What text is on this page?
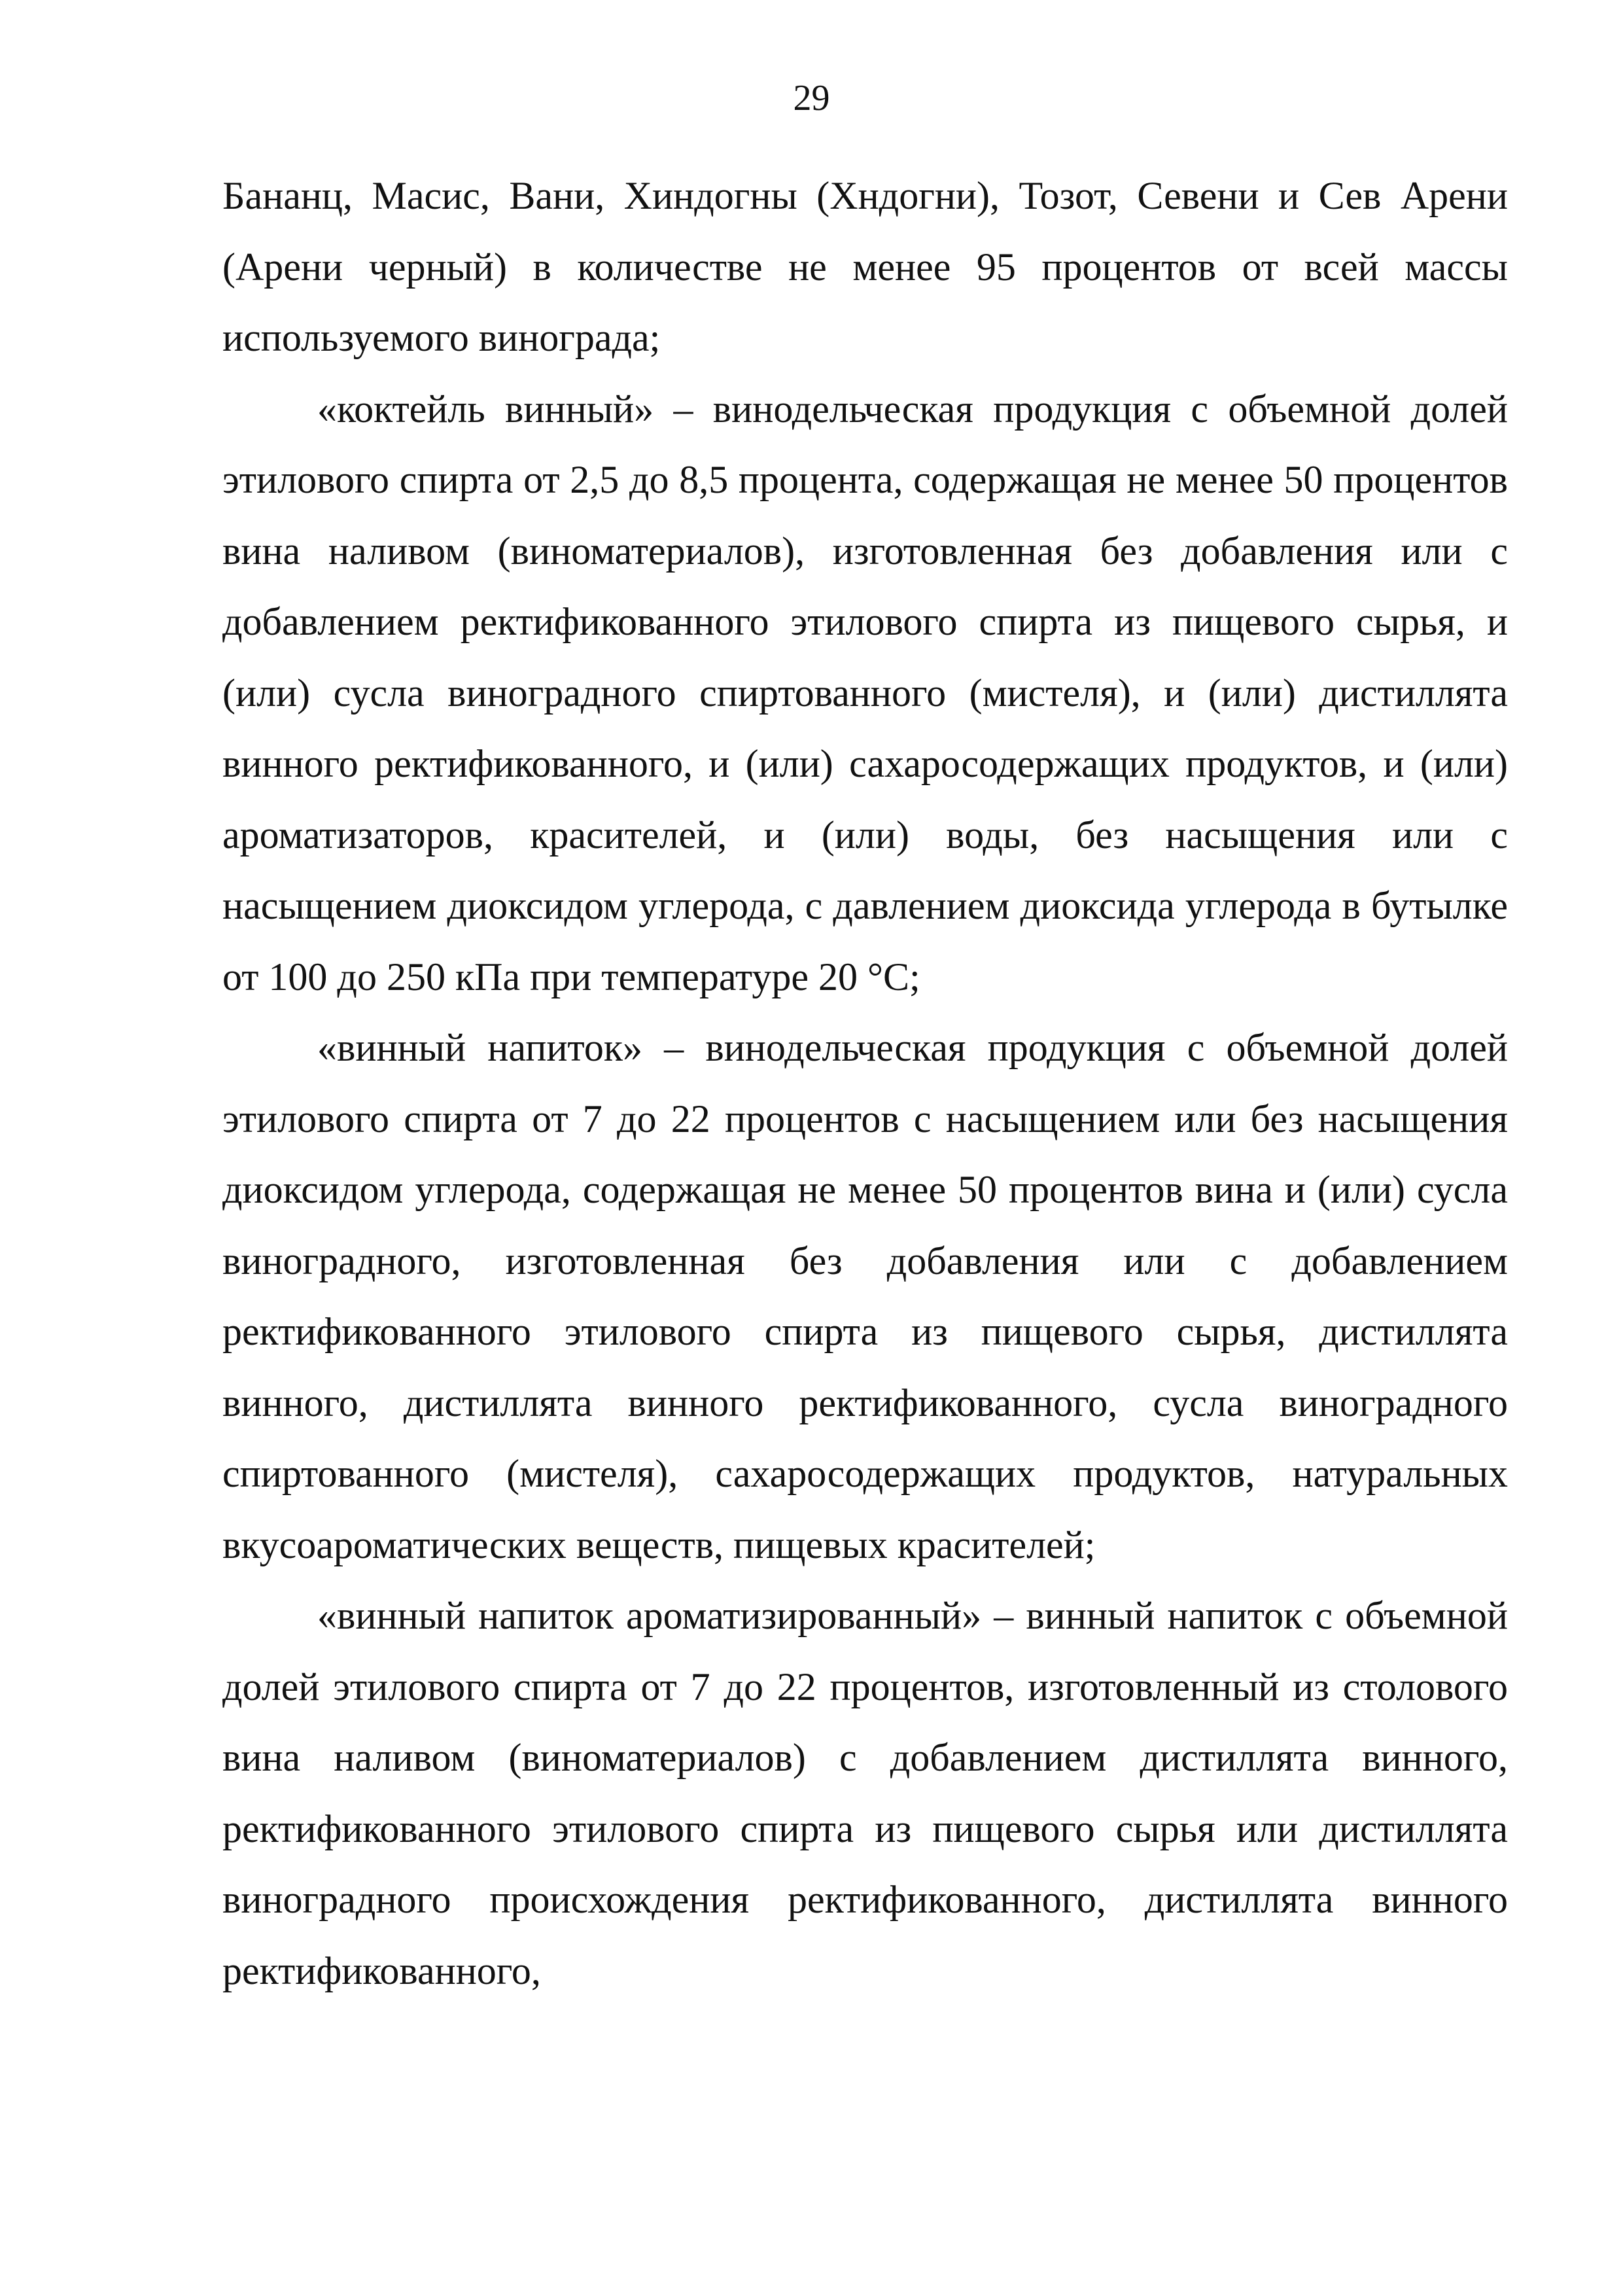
29

Бананц, Масис, Вани, Хиндогны (Хндогни), Тозот, Севени и Сев Арени (Арени черный) в количестве не менее 95 процентов от всей массы используемого винограда;

«коктейль винный» – винодельческая продукция с объемной долей этилового спирта от 2,5 до 8,5 процента, содержащая не менее 50 процентов вина наливом (виноматериалов), изготовленная без добавления или с добавлением ректификованного этилового спирта из пищевого сырья, и (или) сусла виноградного спиртованного (мистеля), и (или) дистиллята винного ректификованного, и (или) сахаросодержащих продуктов, и (или) ароматизаторов, красителей, и (или) воды, без насыщения или с насыщением диоксидом углерода, с давлением диоксида углерода в бутылке от 100 до 250 кПа при температуре 20 °С;

«винный напиток» – винодельческая продукция с объемной долей этилового спирта от 7 до 22 процентов с насыщением или без насыщения диоксидом углерода, содержащая не менее 50 процентов вина и (или) сусла виноградного, изготовленная без добавления или с добавлением ректификованного этилового спирта из пищевого сырья, дистиллята винного, дистиллята винного ректификованного, сусла виноградного спиртованного (мистеля), сахаросодержащих продуктов, натуральных вкусоароматических веществ, пищевых красителей;

«винный напиток ароматизированный» – винный напиток с объемной долей этилового спирта от 7 до 22 процентов, изготовленный из столового вина наливом (виноматериалов) с добавлением дистиллята винного, ректификованного этилового спирта из пищевого сырья или дистиллята виноградного происхождения ректификованного, дистиллята винного ректификованного,
